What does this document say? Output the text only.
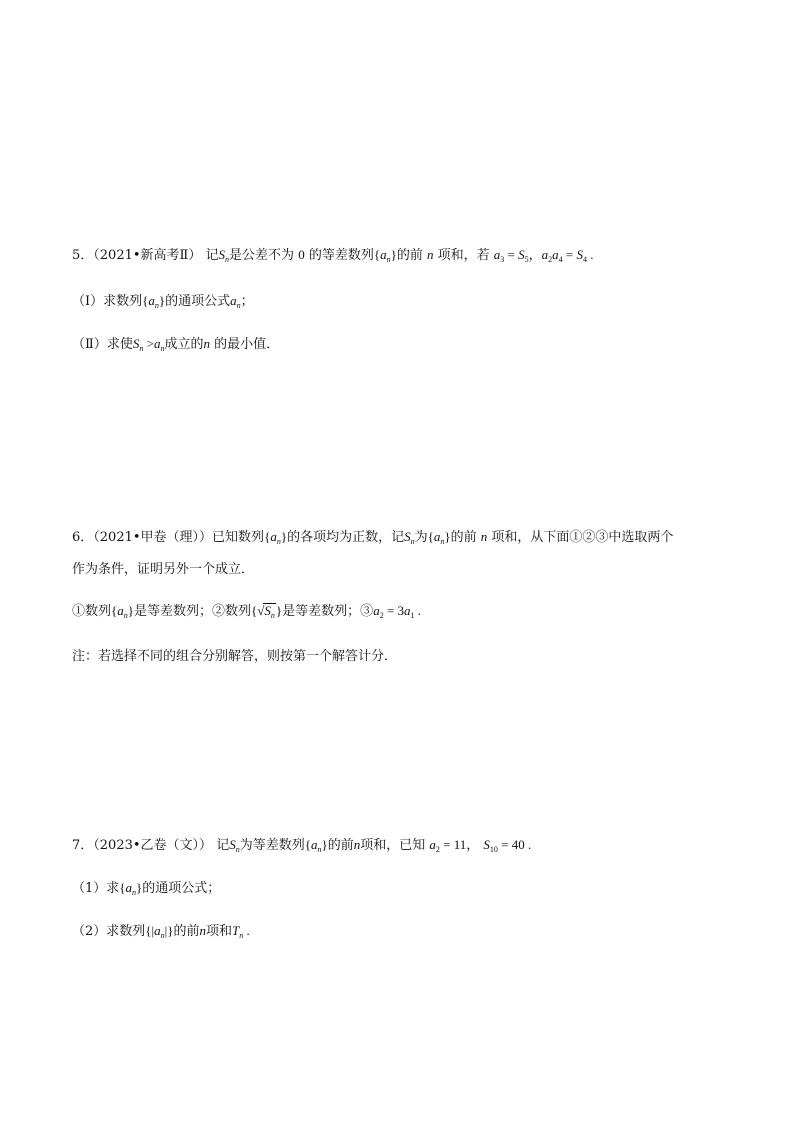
5．（2021•新高考Ⅱ） 记$S_n$是公差不为 0 的等差数列$\{a_n\}$的前 n 项和，若 $a_3 = S_5$，$a_2a_4 = S_4$ .
（Ⅰ）求数列$\{a_n\}$的通项公式$a_n$；
（Ⅱ）求使$S_n >a_n$成立的n 的最小值．
6．（2021•甲卷（理））已知数列$\{a_n\}$的各项均为正数，记$S_n$为$\{a_n\}$的前 n 项和，从下面①②③中选取两个
作为条件，证明另外一个成立．
①数列$\{a_n\}$是等差数列；②数列$\{√S_n\}$是等差数列；$③a_2 = 3a_1$ .
注：若选择不同的组合分别解答，则按第一个解答计分．
7．（2023•乙卷（文）） 记$S_n$为等差数列$\{a_n\}$的前n项和，已知 $a_2 = 11$， $S_{10} = 40$ .
（1）求$\{a_n\}$的通项公式；
（2）求数列$\{|a_n|\}$的前n项和$T_n$ .
